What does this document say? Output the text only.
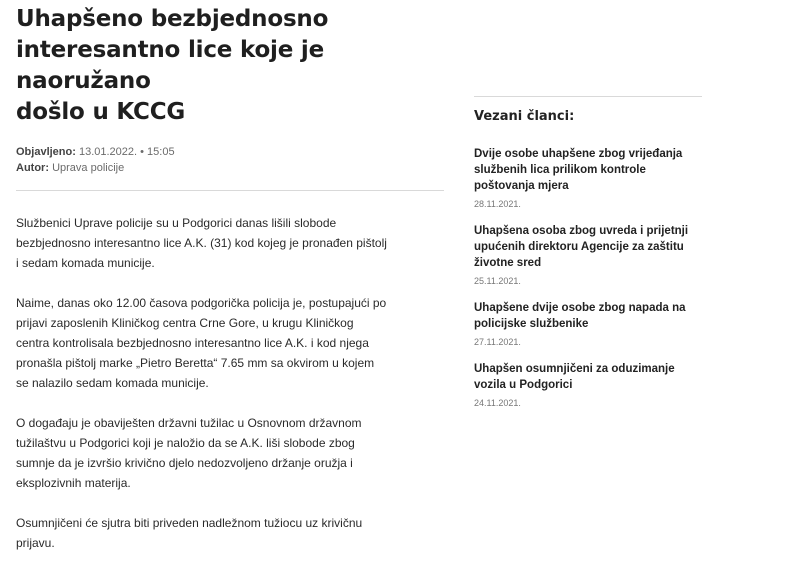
Uhapšeno bezbjednosno
interesantno lice koje je naoružano
došlo u KCCG
Objavljeno: 13.01.2022. • 15:05
Autor: Uprava policije

Službenici Uprave policije su u Podgorici danas lišili slobode
bezbjednosno interesantno lice A.K. (31) kod kojeg je pronađen pištolj
i sedam komada municije.

Naime, danas oko 12.00 časova podgorička policija je, postupajući po
prijavi zaposlenih Kliničkog centra Crne Gore, u krugu Kliničkog
centra kontrolisala bezbjednosno interesantno lice A.K. i kod njega
pronašla pištolj marke „Pietro Beretta“ 7.65 mm sa okvirom u kojem
se nalazilo sedam komada municije.

O događaju je obaviješten državni tužilac u Osnovnom državnom
tužilaštvu u Podgorici koji je naložio da se A.K. liši slobode zbog
sumnje da je izvršio krivično djelo nedozvoljeno držanje oružja i
eksplozivnih materija.

Osumnjičeni će sjutra biti priveden nadležnom tužiocu uz krivičnu
prijavu.

Vezani članci:
Dvije osobe uhapšene zbog vrijeđanja
službenih lica prilikom kontrole
poštovanja mjera
28.11.2021.
Uhapšena osoba zbog uvreda i prijetnji
upućenih direktoru Agencije za zaštitu
životne sred
25.11.2021.
Uhapšene dvije osobe zbog napada na
policijske službenike
27.11.2021.
Uhapšen osumnjičeni za oduzimanje
vozila u Podgorici
24.11.2021.
